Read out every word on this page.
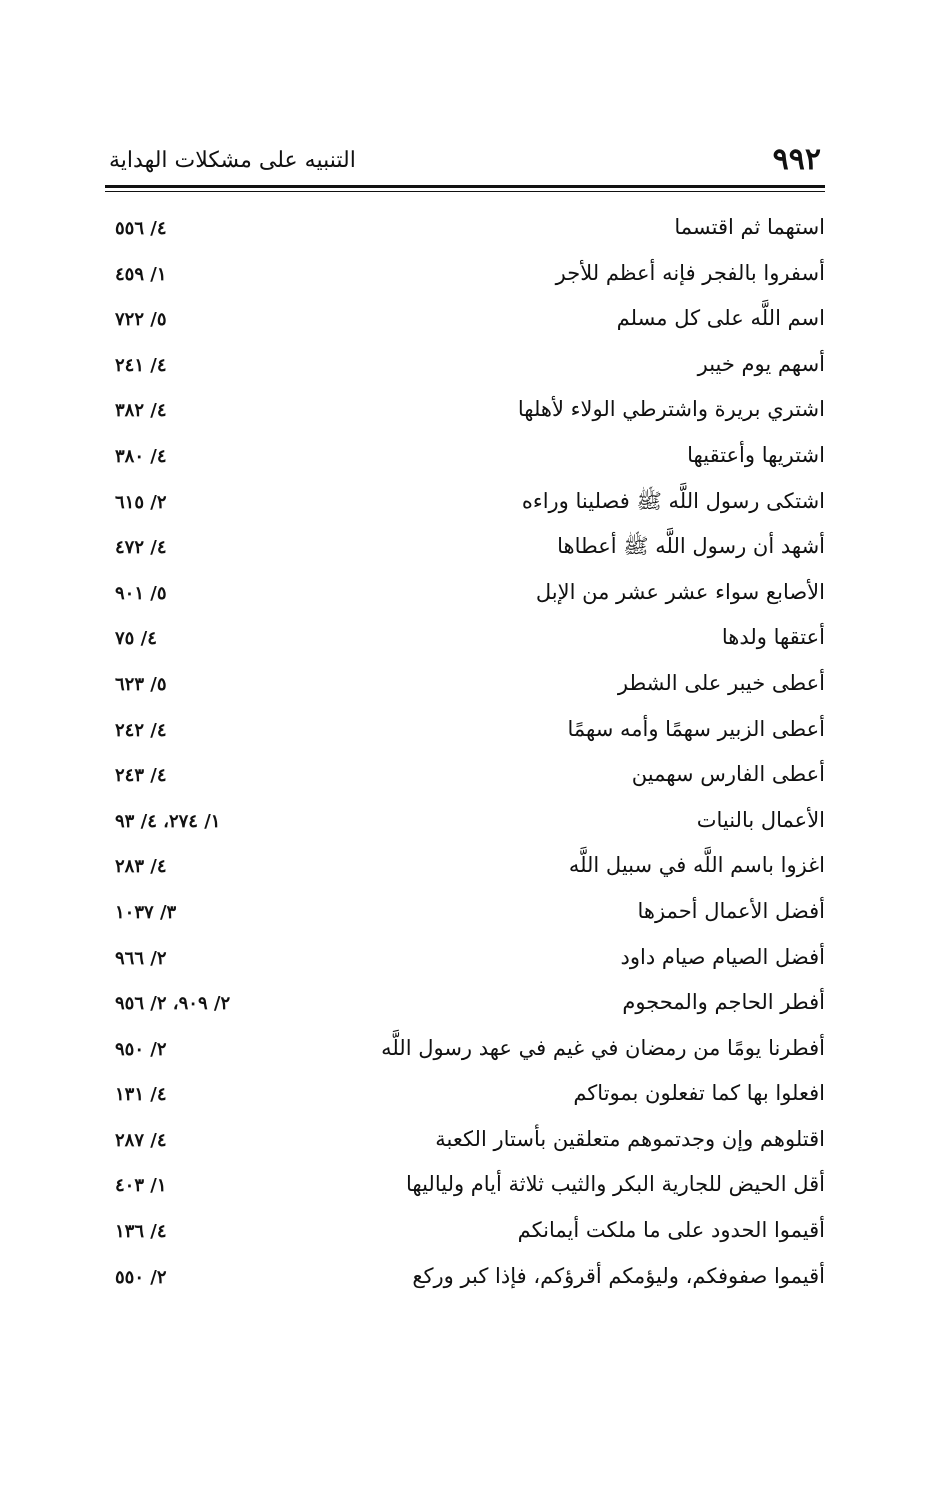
٩٩٢
التنبيه على مشكلات الهداية
استهما ثم اقتسما
٤/ ٥٥٦
أسفروا بالفجر فإنه أعظم للأجر
١/ ٤٥٩
اسم اللَّه على كل مسلم
٥/ ٧٢٢
أسهم يوم خيبر
٤/ ٢٤١
اشتري بريرة واشترطي الولاء لأهلها
٤/ ٣٨٢
اشتريها وأعتقيها
٤/ ٣٨٠
اشتكى رسول اللَّه ﷺ فصلينا وراءه
٢/ ٦١٥
أشهد أن رسول اللَّه ﷺ أعطاها
٤/ ٤٧٢
الأصابع سواء عشر عشر من الإبل
٥/ ٩٠١
أعتقها ولدها
٤/ ٧٥
أعطى خيبر على الشطر
٥/ ٦٢٣
أعطى الزبير سهمًا وأمه سهمًا
٤/ ٢٤٢
أعطى الفارس سهمين
٤/ ٢٤٣
الأعمال بالنيات
١/ ٢٧٤، ٤/ ٩٣
اغزوا باسم اللَّه في سبيل اللَّه
٤/ ٢٨٣
أفضل الأعمال أحمزها
٣/ ١٠٣٧
أفضل الصيام صيام داود
٢/ ٩٦٦
أفطر الحاجم والمحجوم
٢/ ٩٠٩، ٢/ ٩٥٦
أفطرنا يومًا من رمضان في غيم في عهد رسول اللَّه
٢/ ٩٥٠
افعلوا بها كما تفعلون بموتاكم
٤/ ١٣١
اقتلوهم وإن وجدتموهم متعلقين بأستار الكعبة
٤/ ٢٨٧
أقل الحيض للجارية البكر والثيب ثلاثة أيام ولياليها
١/ ٤٠٣
أقيموا الحدود على ما ملكت أيمانكم
٤/ ١٣٦
أقيموا صفوفكم، وليؤمكم أقرؤكم، فإذا كبر وركع
٢/ ٥٥٠
